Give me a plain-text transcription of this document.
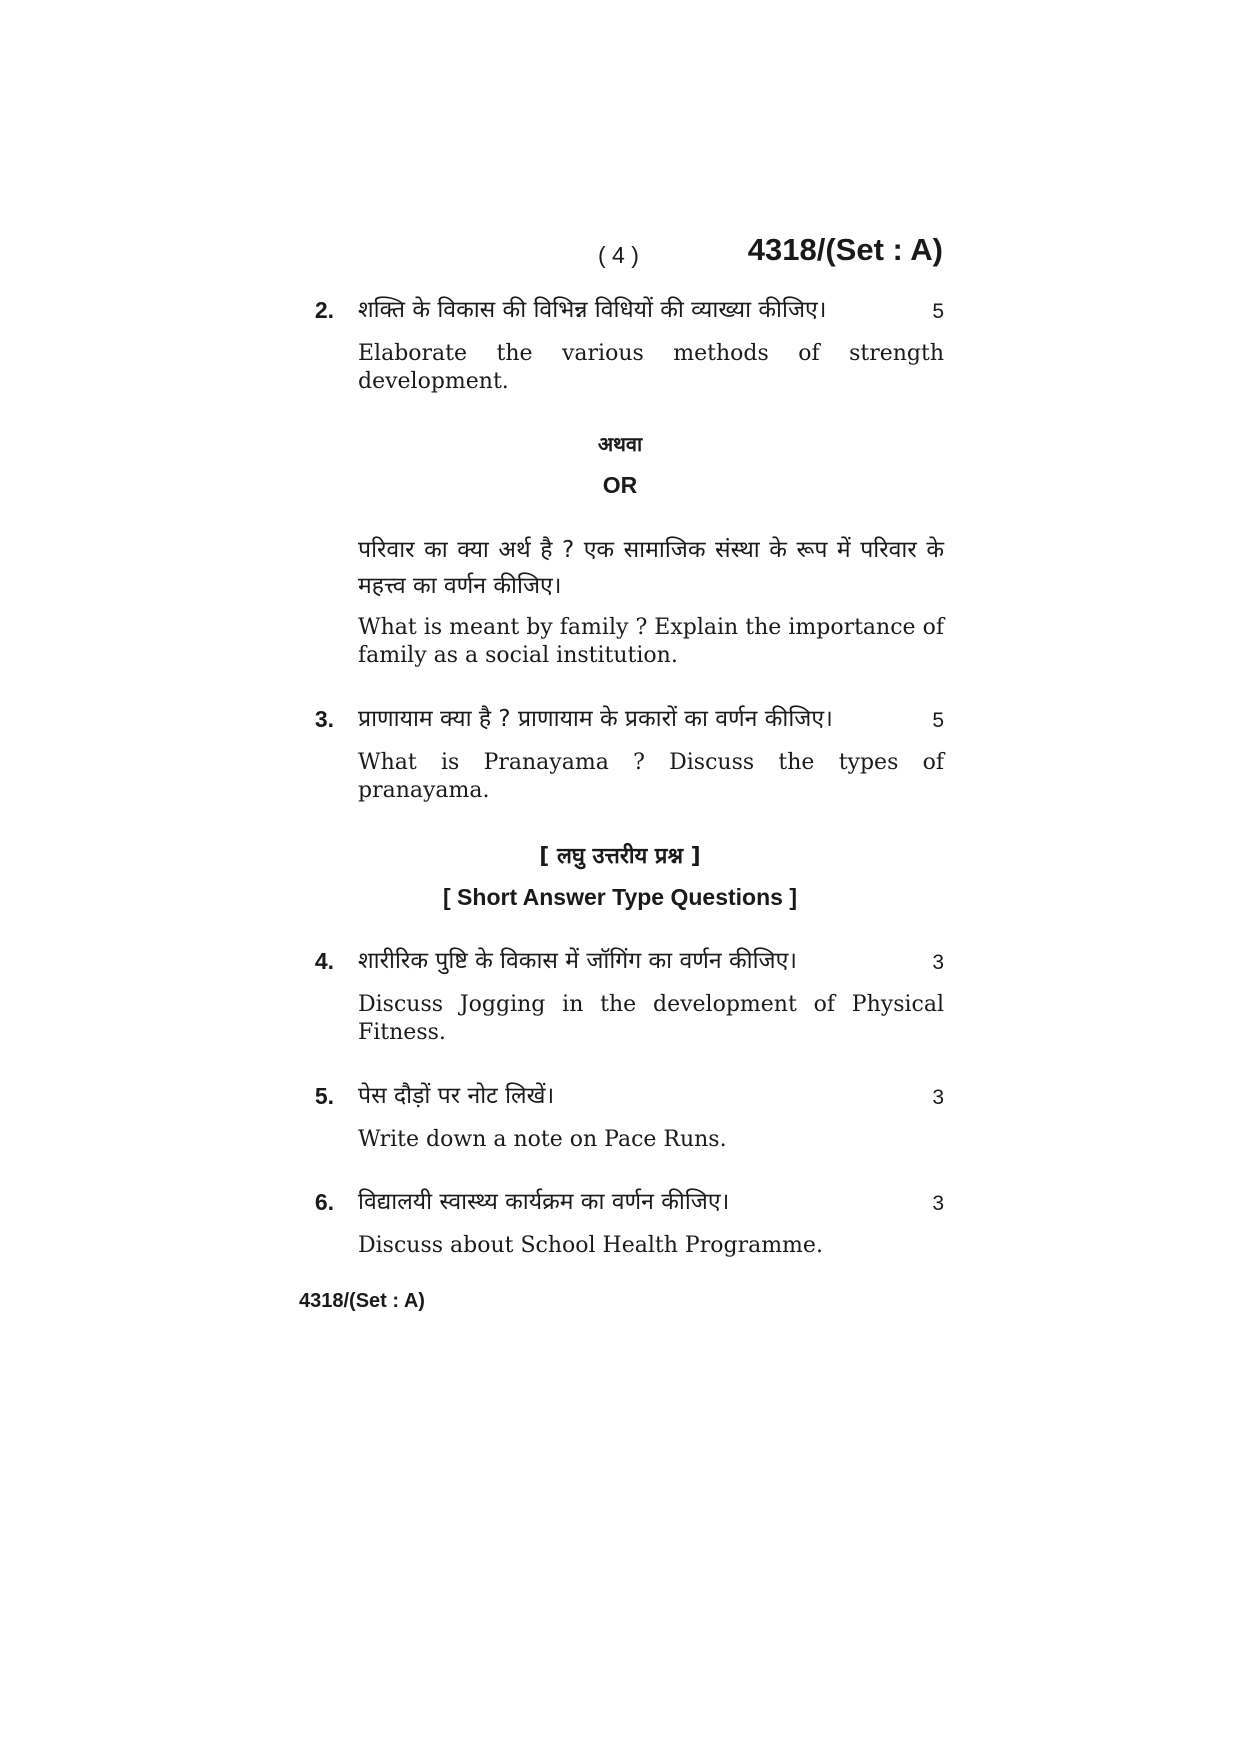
( 4 )	4318/(Set : A)
2. शक्ति के विकास की विभिन्न विधियों की व्याख्या कीजिए।	5
Elaborate the various methods of strength development.
अथवा
OR
परिवार का क्या अर्थ है ? एक सामाजिक संस्था के रूप में परिवार के महत्त्व का वर्णन कीजिए।
What is meant by family ? Explain the importance of family as a social institution.
3. प्राणायाम क्या है ? प्राणायाम के प्रकारों का वर्णन कीजिए।	5
What is Pranayama ? Discuss the types of pranayama.
[ लघु उत्तरीय प्रश्न ]
[ Short Answer Type Questions ]
4. शारीरिक पुष्टि के विकास में जॉगिंग का वर्णन कीजिए।	3
Discuss Jogging in the development of Physical Fitness.
5. पेस दौड़ों पर नोट लिखें।	3
Write down a note on Pace Runs.
6. विद्यालयी स्वास्थ्य कार्यक्रम का वर्णन कीजिए।	3
Discuss about School Health Programme.
4318/(Set : A)
